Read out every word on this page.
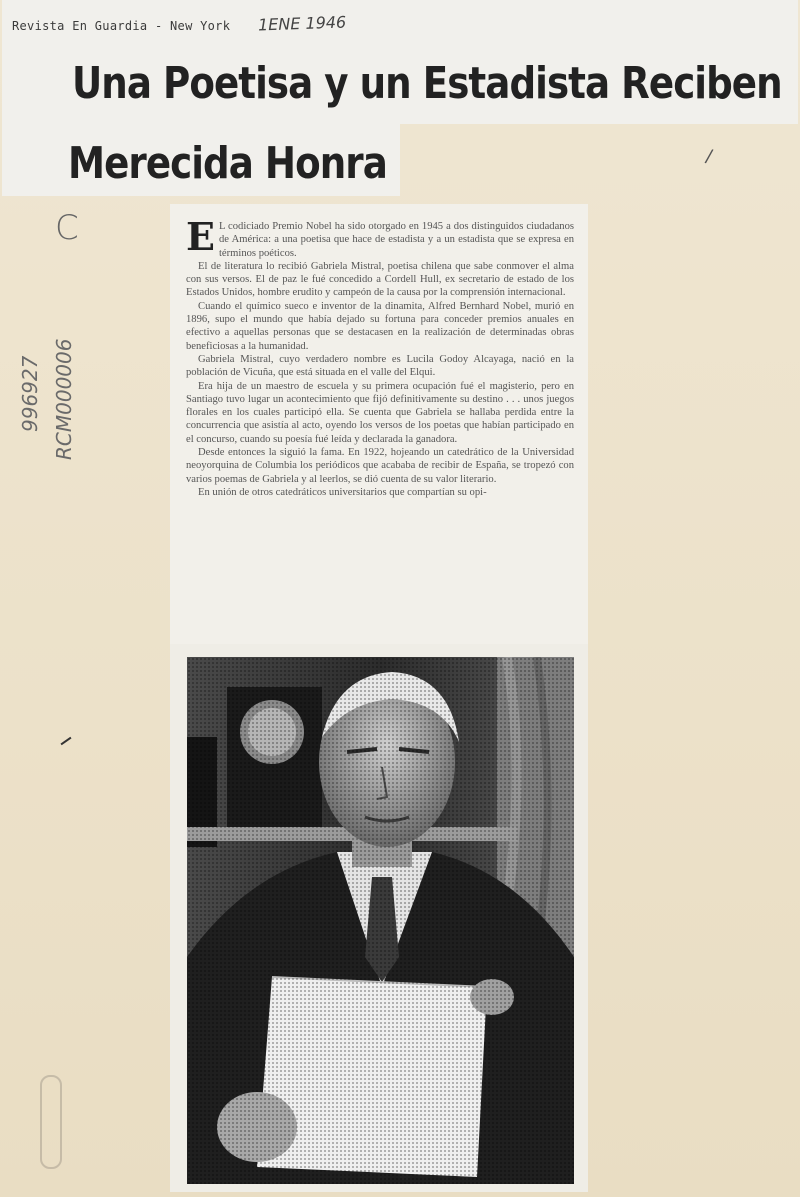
Revista En Guardia - New York 1ENE 1946
Una Poetisa y un Estadista Reciben
Merecida Honra
C
/
996927 RCM000006

E L codiciado Premio Nobel ha sido otorgado en 1945 a dos distinguidos ciudadanos de América: a una poetisa que hace de estadista y a un estadista que se expresa en términos poéticos.

El de literatura lo recibió Gabriela Mistral, poetisa chilena que sabe conmover el alma con sus versos. El de paz le fué concedido a Cordell Hull, ex secretario de estado de los Estados Unidos, hombre erudito y campeón de la causa por la comprensión internacional.

Cuando el químico sueco e inventor de la dinamita, Alfred Bernhard Nobel, murió en 1896, supo el mundo que había dejado su fortuna para conceder premios anuales en efectivo a aquellas personas que se destacasen en la realización de determinadas obras beneficiosas a la humanidad.

Gabriela Mistral, cuyo verdadero nombre es Lucila Godoy Alcayaga, nació en la población de Vicuña, que está situada en el valle del Elqui.

Era hija de un maestro de escuela y su primera ocupación fué el magisterio, pero en Santiago tuvo lugar un acontecimiento que fijó definitivamente su destino . . . unos juegos florales en los cuales participó ella. Se cuenta que Gabriela se hallaba perdida entre la concurrencia que asistía al acto, oyendo los versos de los poetas que habían participado en el concurso, cuando su poesía fué leída y declarada la ganadora.

Desde entonces la siguió la fama. En 1922, hojeando un catedrático de la Universidad neoyorquina de Columbia los periódicos que acababa de recibir de España, se tropezó con varios poemas de Gabriela y al leerlos, se dió cuenta de su valor literario.

En unión de otros catedráticos universitarios que compartían su opi-
